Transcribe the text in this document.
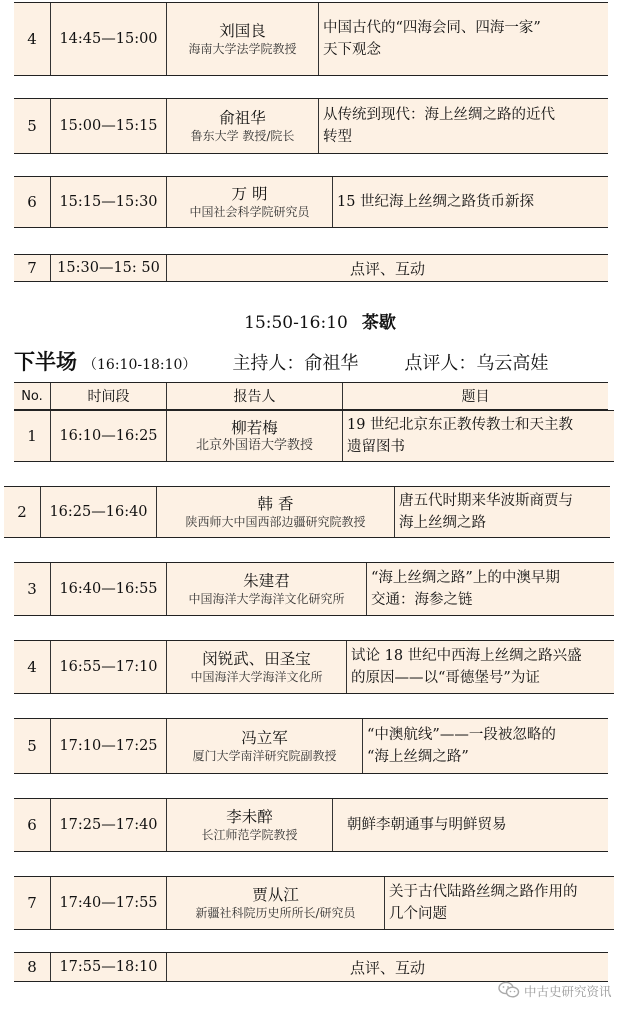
4	14:45—15:00	刘国良
海南大学法学院教授
中国古代的“四海会同、四海一家”
天下观念
5	15:00—15:15	俞祖华
鲁东大学 教授/院长
从传统到现代：海上丝绸之路的近代
转型
6	15:15—15:30	万 明
中国社会科学院研究员
15 世纪海上丝绸之路货币新探
7	15:30—15: 50	点评、互动
15:50-16:10 茶歇
下半场 （16:10-18:10） 主持人：俞祖华	点评人：乌云高娃
No.	时间段	报告人	题目
1	16:10—16:25	柳若梅
北京外国语大学教授
19 世纪北京东正教传教士和天主教
遗留图书
2	16:25—16:40	韩 香
陕西师大中国西部边疆研究院教授
唐五代时期来华波斯商贾与
海上丝绸之路
3	16:40—16:55	朱建君
中国海洋大学海洋文化研究所
“海上丝绸之路”上的中澳早期
交通：海参之链
4	16:55—17:10	闵锐武、田圣宝
中国海洋大学海洋文化所
试论 18 世纪中西海上丝绸之路兴盛
的原因——以“哥德堡号”为证
5	17:10—17:25	冯立军
厦门大学南洋研究院副教授
“中澳航线”——一段被忽略的
“海上丝绸之路”
6	17:25—17:40	李未醉
长江师范学院教授
朝鲜李朝通事与明鲜贸易
7	17:40—17:55	贾从江
新疆社科院历史所所长/研究员
关于古代陆路丝绸之路作用的
几个问题
8	17:55—18:10	点评、互动
中古史研究资讯
